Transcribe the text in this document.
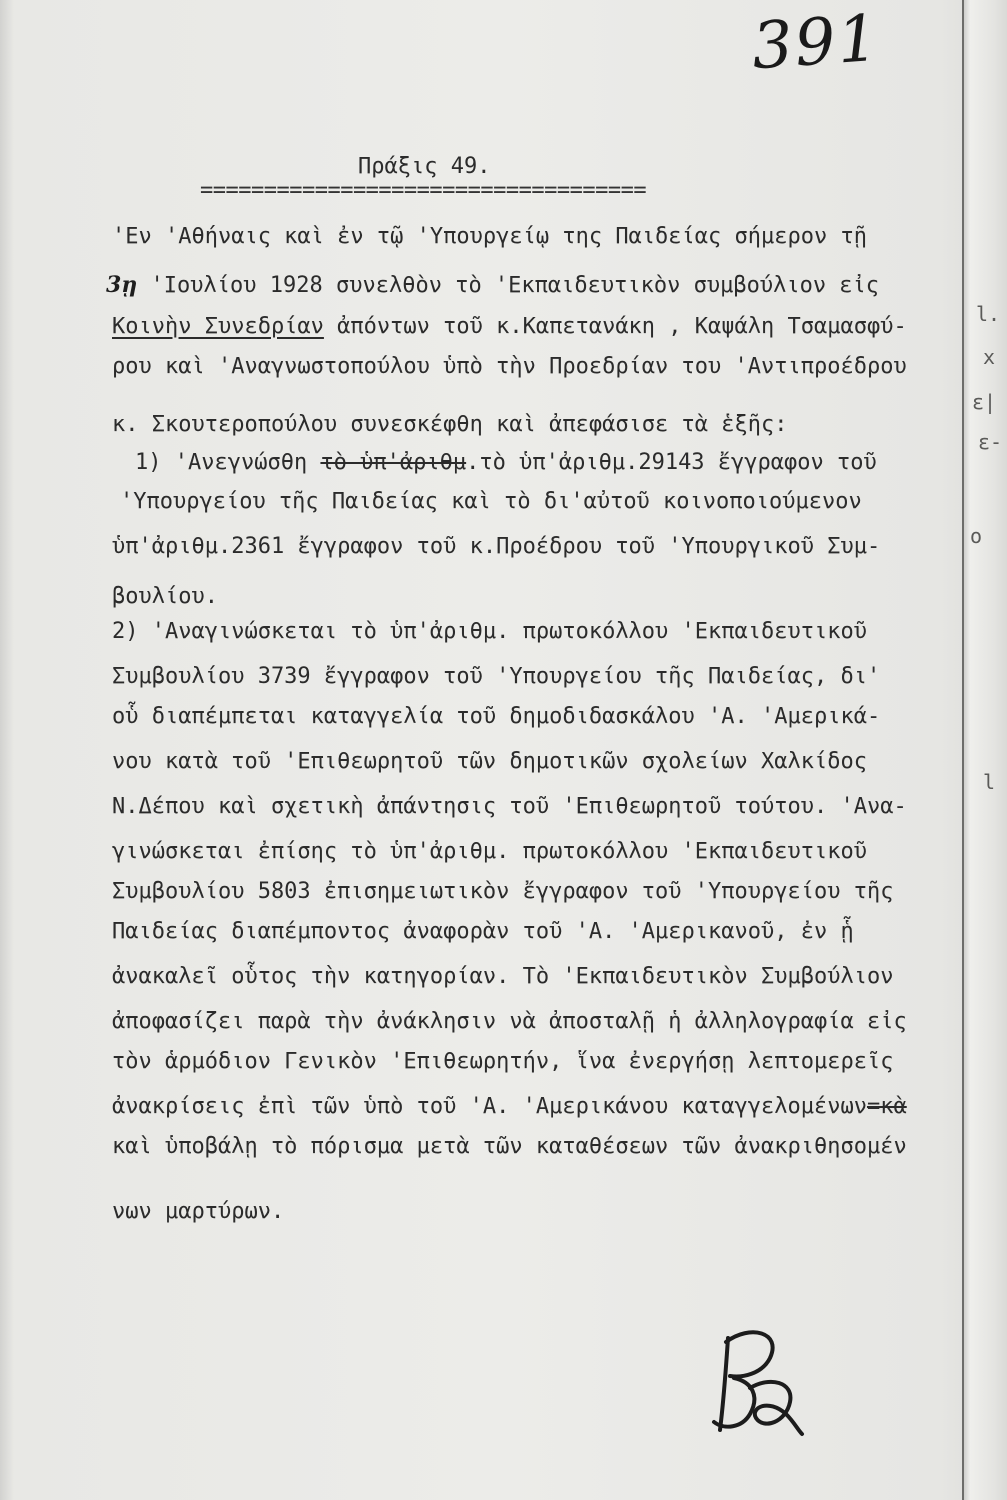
391
Πράξις 49.
===================================
'Εν 'Αθήναις καὶ ἐν τῷ 'Υπουργείῳ της Παιδείας σήμερον τῇ
3ῃ 'Ιουλίου 1928 συνελθὸν τὸ 'Εκπαιδευτικὸν συμβούλιον εἰς
Κοινὴν Συνεδρίαν ἀπόντων τοῦ κ.Καπετανάκη , Καψάλη Τσαμασφύ-
ρου καὶ 'Αναγνωστοπούλου ὑπὸ τὴν Προεδρίαν του 'Αντιπροέδρου
κ. Σκουτεροπούλου συνεσκέφθη καὶ ἀπεφάσισε τὰ ἑξῆς:
1) 'Ανεγνώσθη τὸ ὑπ'ἀριθμ.τὸ ὑπ'ἀριθμ.29143 ἔγγραφον τοῦ
'Υπουργείου τῆς Παιδείας καὶ τὸ δι'αὐτοῦ κοινοποιούμενον
ὑπ'ἀριθμ.2361 ἔγγραφον τοῦ κ.Προέδρου τοῦ 'Υπουργικοῦ Συμ-
βουλίου.
2) 'Αναγινώσκεται τὸ ὑπ'ἀριθμ. πρωτοκόλλου 'Εκπαιδευτικοῦ
Συμβουλίου 3739 ἔγγραφον τοῦ 'Υπουργείου τῆς Παιδείας, δι'
οὗ διαπέμπεται καταγγελία τοῦ δημοδιδασκάλου 'Α. 'Αμερικά-
νου κατὰ τοῦ 'Επιθεωρητοῦ τῶν δημοτικῶν σχολείων Χαλκίδος
Ν.Δέπου καὶ σχετικὴ ἀπάντησις τοῦ 'Επιθεωρητοῦ τούτου. 'Ανα-
γινώσκεται ἐπίσης τὸ ὑπ'ἀριθμ. πρωτοκόλλου 'Εκπαιδευτικοῦ
Συμβουλίου 5803 ἐπισημειωτικὸν ἔγγραφον τοῦ 'Υπουργείου τῆς
Παιδείας διαπέμποντος ἀναφορὰν τοῦ 'Α. 'Αμερικανοῦ, ἐν ᾗ
ἀνακαλεῖ οὗτος τὴν κατηγορίαν. Τὸ 'Εκπαιδευτικὸν Συμβούλιον
ἀποφασίζει παρὰ τὴν ἀνάκλησιν νὰ ἀποσταλῇ ἡ ἀλληλογραφία εἰς
τὸν ἁρμόδιον Γενικὸν 'Επιθεωρητήν, ἵνα ἐνεργήσῃ λεπτομερεῖς
ἀνακρίσεις ἐπὶ τῶν ὑπὸ τοῦ 'Α. 'Αμερικάνου καταγγελομένων=κὰ
καὶ ὑποβάλῃ τὸ πόρισμα μετὰ τῶν καταθέσεων τῶν ἀνακριθησομέν
νων μαρτύρων.
l.
x
ε|
ε-
o
l
